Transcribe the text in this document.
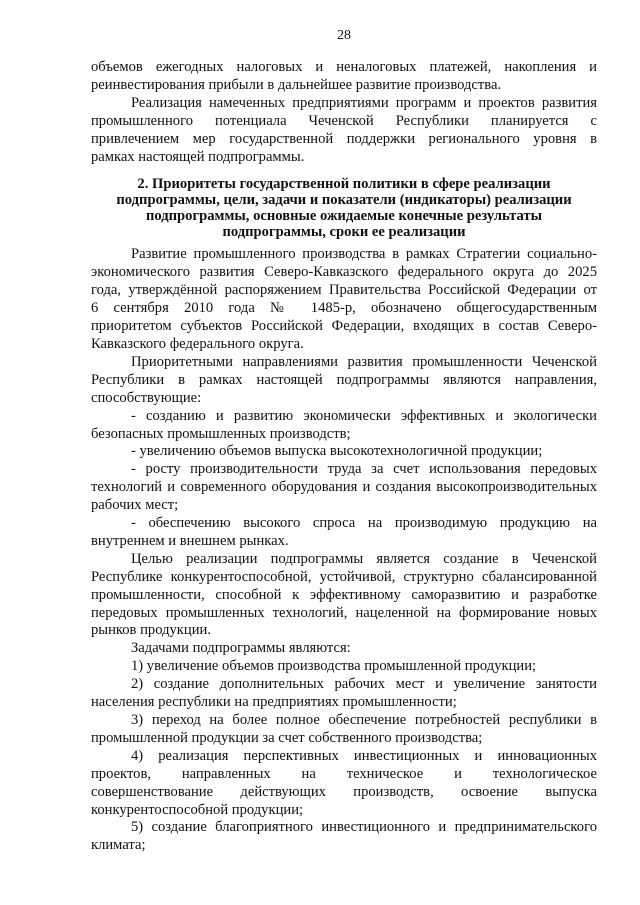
28
объемов ежегодных налоговых и неналоговых платежей, накопления и
реинвестирования прибыли в дальнейшее развитие производства.
Реализация намеченных предприятиями программ и проектов развития
промышленного потенциала Чеченской Республики планируется с
привлечением мер государственной поддержки регионального уровня в
рамках настоящей подпрограммы.
2. Приоритеты государственной политики в сфере реализации
подпрограммы, цели, задачи и показатели (индикаторы) реализации
подпрограммы, основные ожидаемые конечные результаты
подпрограммы, сроки ее реализации
Развитие промышленного производства в рамках Стратегии социально-
экономического развития Северо-Кавказского федерального округа до 2025
года, утверждённой распоряжением Правительства Российской Федерации от
6 сентября 2010 года № 1485-р, обозначено общегосударственным
приоритетом субъектов Российской Федерации, входящих в состав Северо-
Кавказского федерального округа.
Приоритетными направлениями развития промышленности Чеченской
Республики в рамках настоящей подпрограммы являются направления,
способствующие:
- созданию и развитию экономически эффективных и экологически
безопасных промышленных производств;
- увеличению объемов выпуска высокотехнологичной продукции;
- росту производительности труда за счет использования передовых
технологий и современного оборудования и создания высокопроизводительных
рабочих мест;
- обеспечению высокого спроса на производимую продукцию на
внутреннем и внешнем рынках.
Целью реализации подпрограммы является создание в Чеченской
Республике конкурентоспособной, устойчивой, структурно сбалансированной
промышленности, способной к эффективному саморазвитию и разработке
передовых промышленных технологий, нацеленной на формирование новых
рынков продукции.
Задачами подпрограммы являются:
1) увеличение объемов производства промышленной продукции;
2) создание дополнительных рабочих мест и увеличение занятости
населения республики на предприятиях промышленности;
3) переход на более полное обеспечение потребностей республики в
промышленной продукции за счет собственного производства;
4) реализация перспективных инвестиционных и инновационных
проектов, направленных на техническое и технологическое
совершенствование действующих производств, освоение выпуска
конкурентоспособной продукции;
5) создание благоприятного инвестиционного и предпринимательского
климата;
